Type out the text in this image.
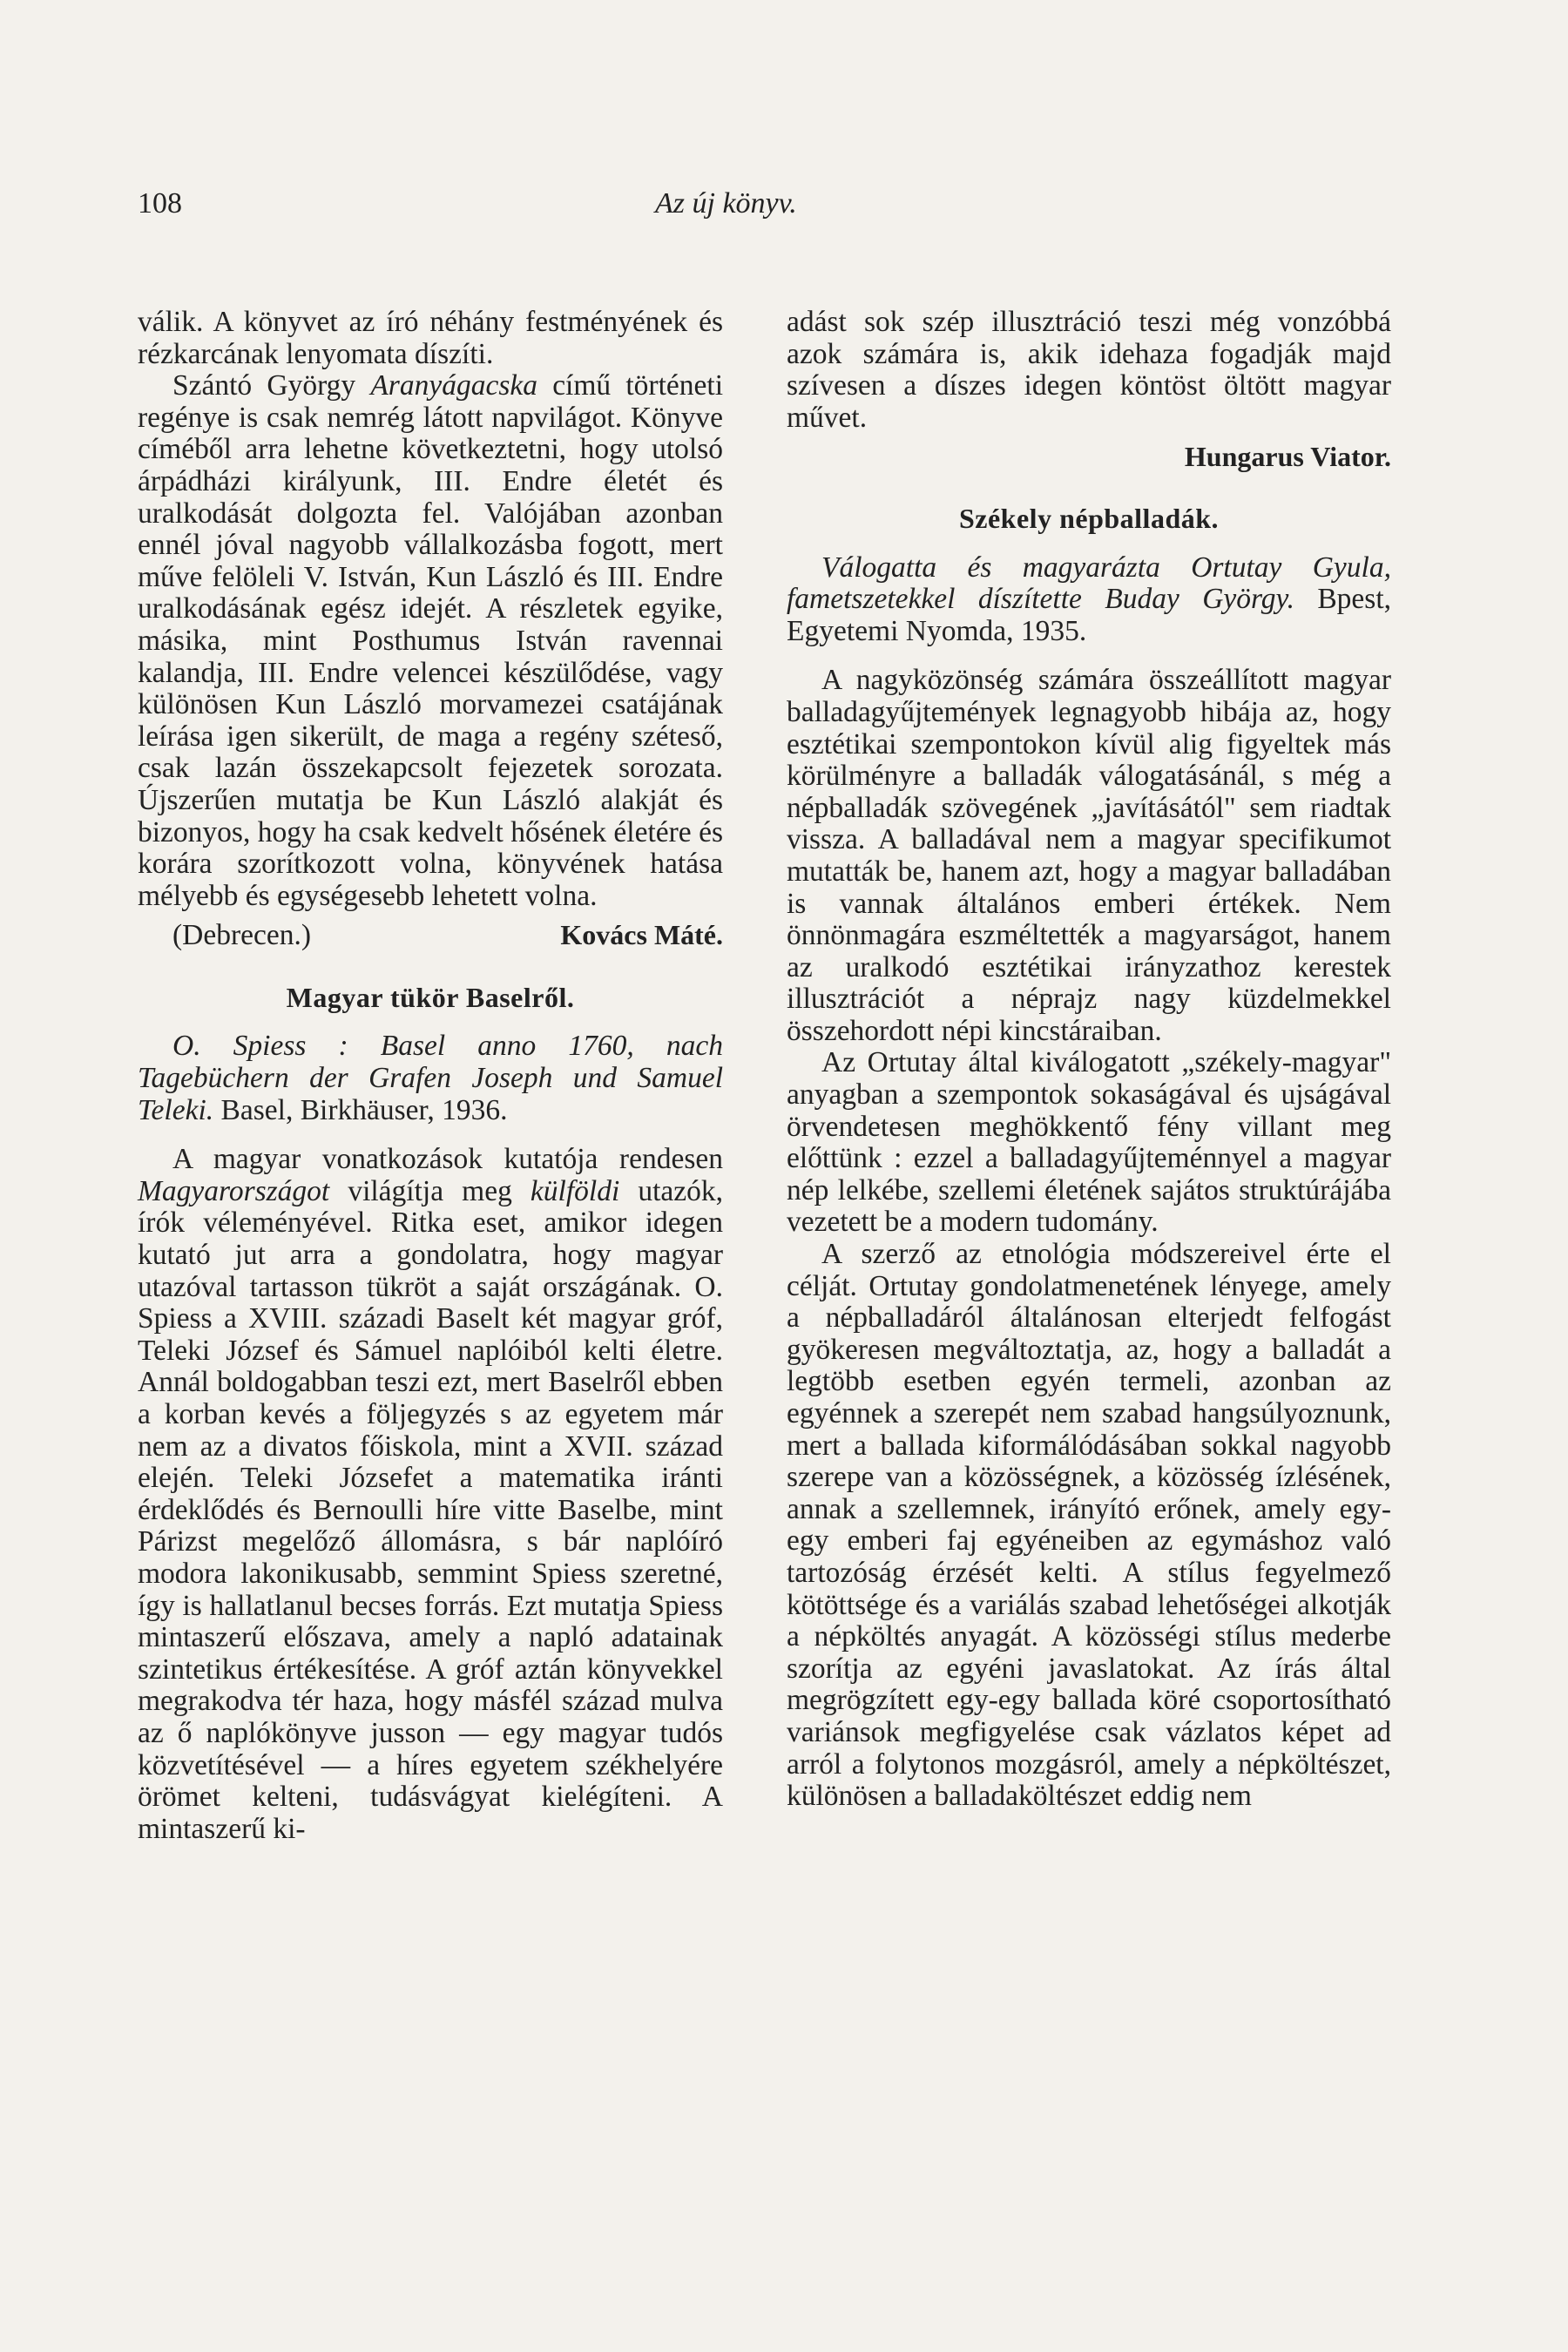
108	Az új könyv.

válik. A könyvet az író néhány festményének és rézkarcának lenyomata díszíti.

Szántó György Aranyágacska című történeti regénye is csak nemrég látott napvilágot. Könyve címéből arra lehetne következtetni, hogy utolsó árpádházi királyunk, III. Endre életét és uralkodását dolgozta fel. Valójában azonban ennél jóval nagyobb vállalkozásba fogott, mert műve felöleli V. István, Kun László és III. Endre uralkodásának egész idejét. A részletek egyike, másika, mint Posthumus István ravennai kalandja, III. Endre velencei készülődése, vagy különösen Kun László morvamezei csatájának leírása igen sikerült, de maga a regény széteső, csak lazán összekapcsolt fejezetek sorozata. Újszerűen mutatja be Kun László alakját és bizonyos, hogy ha csak kedvelt hősének életére és korára szorítkozott volna, könyvének hatása mélyebb és egységesebb lehetett volna.

(Debrecen.)	Kovács Máté.

Magyar tükör Baselről.

O. Spiess : Basel anno 1760, nach Tagebüchern der Grafen Joseph und Samuel Teleki. Basel, Birkhäuser, 1936.

A magyar vonatkozások kutatója rendesen Magyarországot világítja meg külföldi utazók, írók véleményével. Ritka eset, amikor idegen kutató jut arra a gondolatra, hogy magyar utazóval tartasson tükröt a saját országának. O. Spiess a XVIII. századi Baselt két magyar gróf, Teleki József és Sámuel naplóiból kelti életre. Annál boldogabban teszi ezt, mert Baselről ebben a korban kevés a följegyzés s az egyetem már nem az a divatos főiskola, mint a XVII. század elején. Teleki Józsefet a matematika iránti érdeklődés és Bernoulli híre vitte Baselbe, mint Párizst megelőző állomásra, s bár naplóíró modora lakonikusabb, semmint Spiess szeretné, így is hallatlanul becses forrás. Ezt mutatja Spiess mintaszerű előszava, amely a napló adatainak szintetikus értékesítése. A gróf aztán könyvekkel megrakodva tér haza, hogy másfél század mulva az ő naplókönyve jusson — egy magyar tudós közvetítésével — a híres egyetem székhelyére örömet kelteni, tudásvágyat kielégíteni. A mintaszerű ki-

adást sok szép illusztráció teszi még vonzóbbá azok számára is, akik idehaza fogadják majd szívesen a díszes idegen köntöst öltött magyar művet.

Hungarus Viator.

Székely népballadák.

Válogatta és magyarázta Ortutay Gyula, fametszetekkel díszítette Buday György. Bpest, Egyetemi Nyomda, 1935.

A nagyközönség számára összeállított magyar balladagyűjtemények legnagyobb hibája az, hogy esztétikai szempontokon kívül alig figyeltek más körülményre a balladák válogatásánál, s még a népballadák szövegének „javításától" sem riadtak vissza. A balladával nem a magyar specifikumot mutatták be, hanem azt, hogy a magyar balladában is vannak általános emberi értékek. Nem önnönmagára eszméltették a magyarságot, hanem az uralkodó esztétikai irányzathoz kerestek illusztrációt a néprajz nagy küzdelmekkel összehordott népi kincstáraiban.

Az Ortutay által kiválogatott „székely-magyar" anyagban a szempontok sokaságával és ujságával örvendetesen meghökkentő fény villant meg előttünk : ezzel a balladagyűjteménnyel a magyar nép lelkébe, szellemi életének sajátos struktúrájába vezetett be a modern tudomány.

A szerző az etnológia módszereivel érte el célját. Ortutay gondolatmenetének lényege, amely a népballadáról általánosan elterjedt felfogást gyökeresen megváltoztatja, az, hogy a balladát a legtöbb esetben egyén termeli, azonban az egyénnek a szerepét nem szabad hangsúlyoznunk, mert a ballada kiformálódásában sokkal nagyobb szerepe van a közösségnek, a közösség ízlésének, annak a szellemnek, irányító erőnek, amely egy-egy emberi faj egyéneiben az egymáshoz való tartozóság érzését kelti. A stílus fegyelmező kötöttsége és a variálás szabad lehetőségei alkotják a népköltés anyagát. A közösségi stílus mederbe szorítja az egyéni javaslatokat. Az írás által megrögzített egy-egy ballada köré csoportosítható variánsok megfigyelése csak vázlatos képet ad arról a folytonos mozgásról, amely a népköltészet, különösen a balladaköltészet eddig nem
